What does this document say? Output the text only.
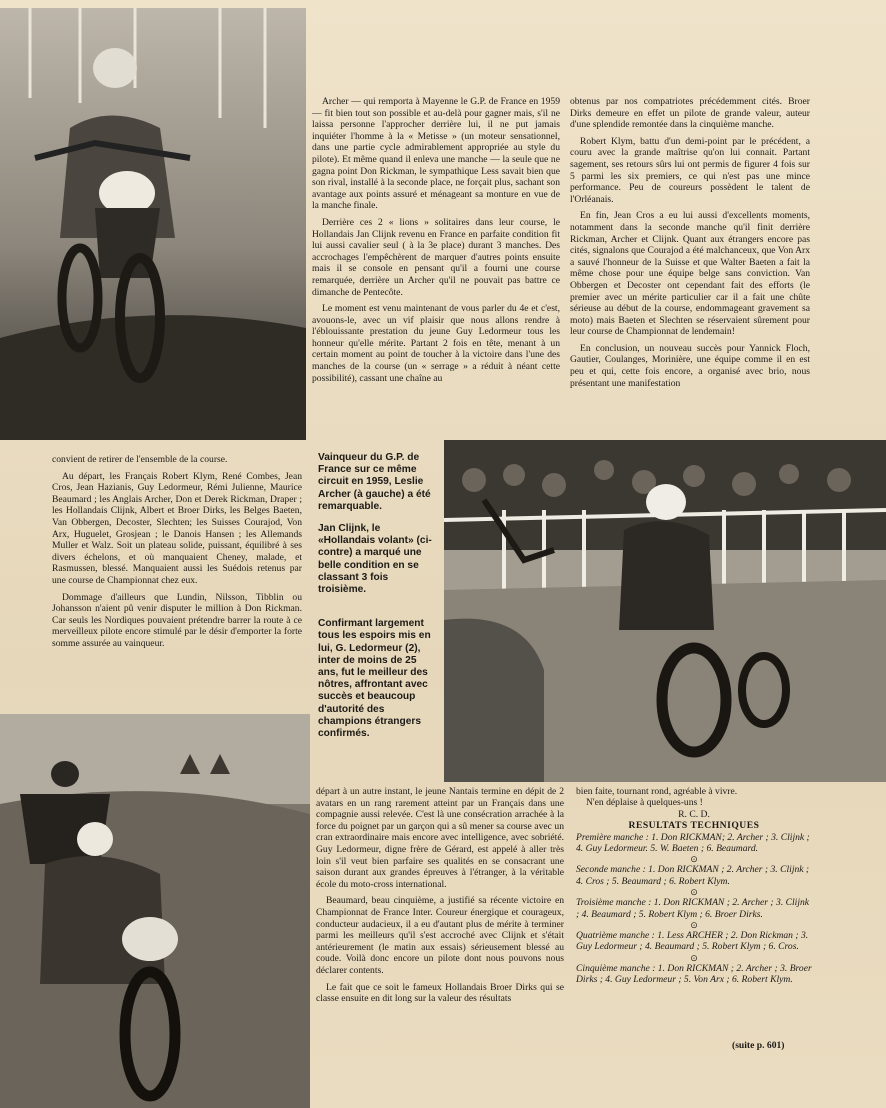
Archer — qui remporta à Mayenne le G.P. de France en 1959 — fit bien tout son possible et au-delà pour gagner mais, s'il ne laissa personne l'approcher derrière lui, il ne put jamais inquiéter l'homme à la « Metisse » (un moteur sensationnel, dans une partie cycle admirablement appropriée au style du pilote). Et même quand il enleva une manche — la seule que ne gagna point Don Rickman, le sympathique Less savait bien que son rival, installé à la seconde place, ne forçait plus, sachant son avantage aux points assuré et ménageant sa monture en vue de la manche finale.

Derrière ces 2 « lions » solitaires dans leur course, le Hollandais Jan Clijnk revenu en France en parfaite condition fit lui aussi cavalier seul ( à la 3e place) durant 3 manches. Des accrochages l'empêchèrent de marquer d'autres points ensuite mais il se console en pensant qu'il a fourni une course remarquée, derrière un Archer qu'il ne pouvait pas battre ce dimanche de Pentecôte.

Le moment est venu maintenant de vous parler du 4e et c'est, avouons-le, avec un vif plaisir que nous allons rendre à l'éblouissante prestation du jeune Guy Ledormeur tous les honneur qu'elle mérite. Partant 2 fois en tête, menant à un certain moment au point de toucher à la victoire dans l'une des manches de la course (un « serrage » a réduit à néant cette possibilité), cassant une chaîne au

obtenus par nos compatriotes précédemment cités. Broer Dirks demeure en effet un pilote de grande valeur, auteur d'une splendide remontée dans la cinquième manche.

Robert Klym, battu d'un demi-point par le précédent, a couru avec la grande maîtrise qu'on lui connait. Partant sagement, ses retours sûrs lui ont permis de figurer 4 fois sur 5 parmi les six premiers, ce qui n'est pas une mince performance. Peu de coureurs possèdent le talent de l'Orléanais.

En fin, Jean Cros a eu lui aussi d'excellents moments, notamment dans la seconde manche qu'il finit derrière Rickman, Archer et Clijnk. Quant aux étrangers encore pas cités, signalons que Courajod a été malchanceux, que Von Arx a sauvé l'honneur de la Suisse et que Walter Baeten a fait la même chose pour une équipe belge sans conviction. Van Obbergen et Decoster ont cependant fait des efforts (le premier avec un mérite particulier car il a fait une chûte sérieuse au début de la course, endommageant gravement sa moto) mais Baeten et Slechten se réservaient sûrement pour leur course de Championnat de lendemain!

En conclusion, un nouveau succès pour Yannick Floch, Gautier, Coulanges, Morinière, une équipe comme il en est peu et qui, cette fois encore, a organisé avec brio, nous présentant une manifestation

convient de retirer de l'ensemble de la course.

Au départ, les Français Robert Klym, René Combes, Jean Cros, Jean Hazianis, Guy Ledormeur, Rémi Julienne, Maurice Beaumard ; les Anglais Archer, Don et Derek Rickman, Draper ; les Hollandais Clijnk, Albert et Broer Dirks, les Belges Baeten, Van Obbergen, Decoster, Slechten; les Suisses Courajod, Von Arx, Huguelet, Grosjean ; le Danois Hansen ; les Allemands Muller et Walz. Soit un plateau solide, puissant, équilibré à ses divers échelons, et où manquaient Cheney, malade, et Rasmussen, blessé. Manquaient aussi les Suédois retenus par une course de Championnat chez eux.

Dommage d'ailleurs que Lundin, Nilsson, Tibblin ou Johansson n'aient pû venir disputer le million à Don Rickman. Car seuls les Nordiques pouvaient prétendre barrer la route à ce merveilleux pilote encore stimulé par le désir d'emporter la forte somme assurée au vainqueur.

Vainqueur du G.P. de France sur ce même circuit en 1959, Leslie Archer (à gauche) a été remarquable.

Jan Clijnk, le «Hollandais volant» (ci-contre) a marqué une belle condition en se classant 3 fois troisième.

Confirmant largement tous les espoirs mis en lui, G. Ledormeur (2), inter de moins de 25 ans, fut le meilleur des nôtres, affrontant avec succès et beaucoup d'autorité des champions étrangers confirmés.

départ à un autre instant, le jeune Nantais termine en dépit de 2 avatars en un rang rarement atteint par un Français dans une compagnie aussi relevée. C'est là une consécration arrachée à la force du poignet par un garçon qui a sû mener sa course avec un cran extraordinaire mais encore avec intelligence, avec sobriété. Guy Ledormeur, digne frère de Gérard, est appelé à aller très loin s'il veut bien parfaire ses qualités en se consacrant une saison durant aux grandes épreuves à l'étranger, à la véritable école du moto-cross international.

Beaumard, beau cinquième, a justifié sa récente victoire en Championnat de France Inter. Coureur énergique et courageux, conducteur audacieux, il a eu d'autant plus de mérite à terminer parmi les meilleurs qu'il s'est accroché avec Clijnk et s'était antérieurement (le matin aux essais) sérieusement blessé au coude. Voilà donc encore un pilote dont nous pouvons nous déclarer contents.

Le fait que ce soit le fameux Hollandais Broer Dirks qui se classe ensuite en dit long sur la valeur des résultats

bien faite, tournant rond, agréable à vivre.
N'en déplaise à quelques-uns !
R. C. D.
RESULTATS TECHNIQUES
Première manche : 1. Don RICKMAN; 2. Archer ; 3. Clijnk ; 4. Guy Ledormeur. 5. W. Baeten ; 6. Beaumard.
⊙
Seconde manche : 1. Don RICKMAN ; 2. Archer ; 3. Clijnk ; 4. Cros ; 5. Beaumard ; 6. Robert Klym.
⊙
Troisième manche : 1. Don RICKMAN ; 2. Archer ; 3. Clijnk ; 4. Beaumard ; 5. Robert Klym ; 6. Broer Dirks.
⊙
Quatrième manche : 1. Less ARCHER ; 2. Don Rickman ; 3. Guy Ledormeur ; 4. Beaumard ; 5. Robert Klym ; 6. Cros.
⊙
Cinquième manche : 1. Don RICKMAN ; 2. Archer ; 3. Broer Dirks ; 4. Guy Ledormeur ; 5. Von Arx ; 6. Robert Klym.
(suite p. 601)
